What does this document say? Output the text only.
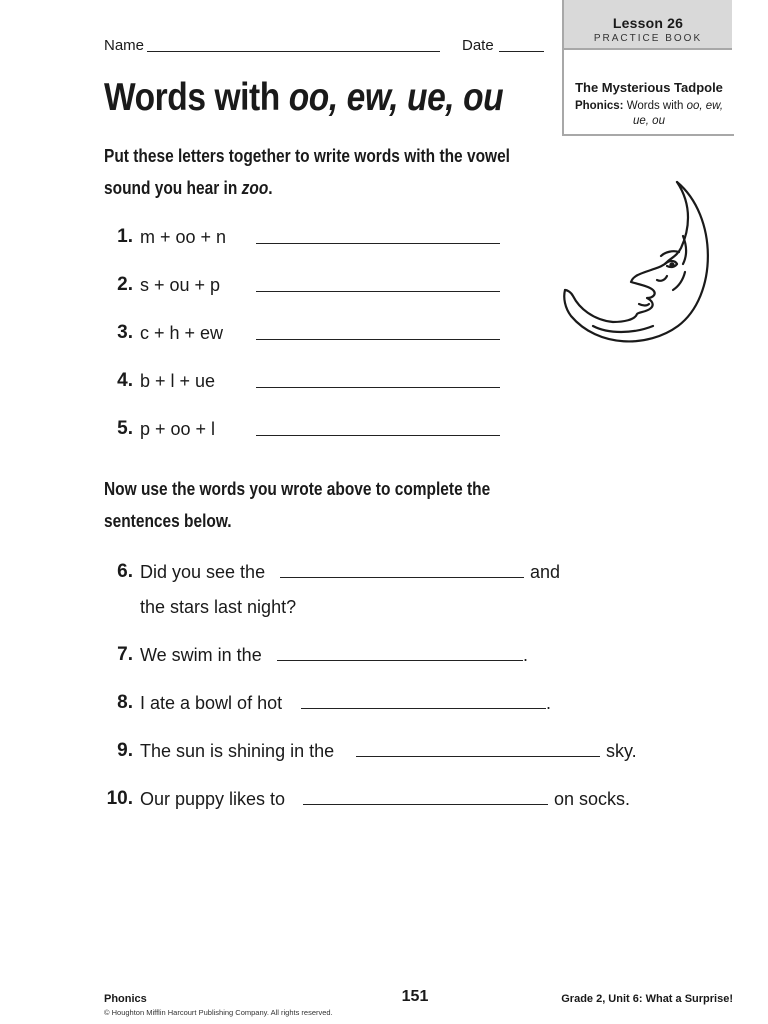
Lesson 26
PRACTICE BOOK
The Mysterious Tadpole
Phonics: Words with oo, ew, ue, ou
Name	Date
Words with oo, ew, ue, ou
Put these letters together to write words with the vowel
sound you hear in zoo.
1. m + oo + n
2. s + ou + p
3. c + h + ew
4. b + l + ue
5. p + oo + l
Now use the words you wrote above to complete the
sentences below.
6. Did you see the	and
the stars last night?
7. We swim in the	.
8. I ate a bowl of hot	.
9. The sun is shining in the	sky.
10. Our puppy likes to	on socks.
Phonics
© Houghton Mifflin Harcourt Publishing Company. All rights reserved.
151	Grade 2, Unit 6: What a Surprise!
